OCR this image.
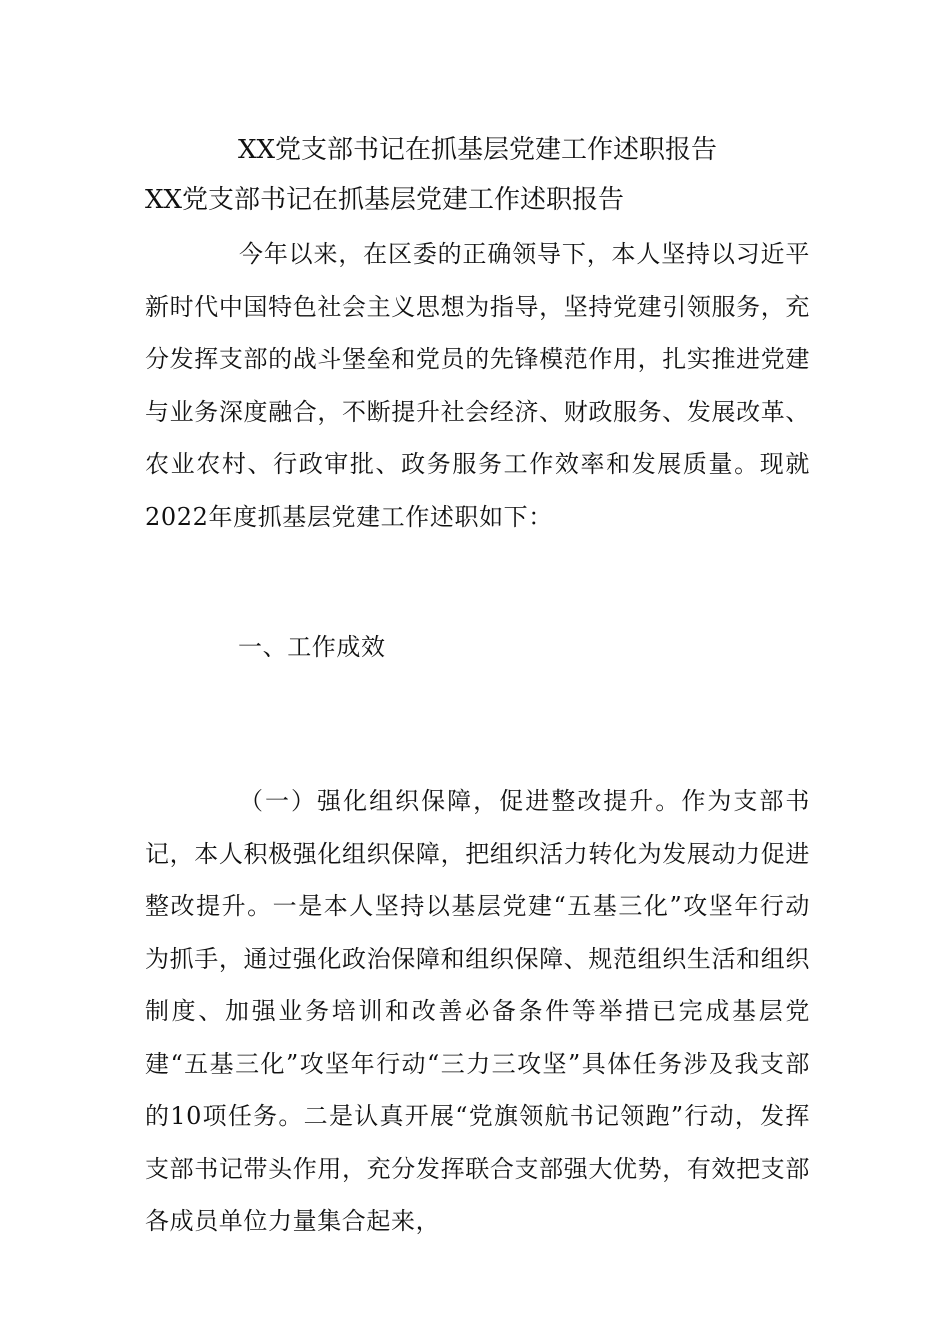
XX党支部书记在抓基层党建工作述职报告
XX党支部书记在抓基层党建工作述职报告
今年以来，在区委的正确领导下，本人坚持以习近平新时代中国特色社会主义思想为指导，坚持党建引领服务，充分发挥支部的战斗堡垒和党员的先锋模范作用，扎实推进党建与业务深度融合，不断提升社会经济、财政服务、发展改革、农业农村、行政审批、政务服务工作效率和发展质量。现就2022年度抓基层党建工作述职如下：
一、工作成效
（一）强化组织保障，促进整改提升。作为支部书记，本人积极强化组织保障，把组织活力转化为发展动力促进整改提升。一是本人坚持以基层党建“五基三化”攻坚年行动为抓手，通过强化政治保障和组织保障、规范组织生活和组织制度、加强业务培训和改善必备条件等举措已完成基层党建“五基三化”攻坚年行动“三力三攻坚”具体任务涉及我支部的10项任务。二是认真开展“党旗领航书记领跑”行动，发挥支部书记带头作用，充分发挥联合支部强大优势，有效把支部各成员单位力量集合起来，
